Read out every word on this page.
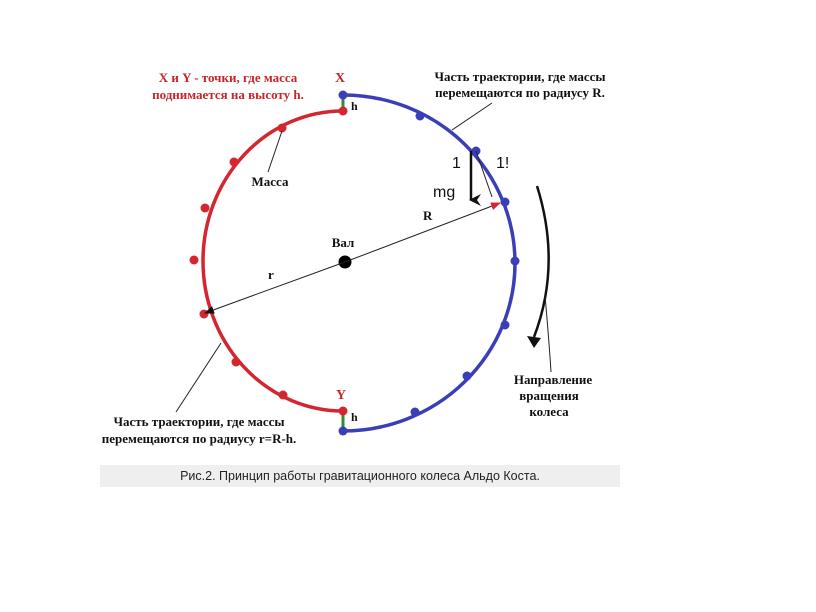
X и Y - точки, где масса
поднимается на высоту h.
X
h
Y
h
Часть траектории, где массы
перемещаются по радиусу R.
Масса
1 1!
mg
R
Вал
r
Направление
вращения
колеса
Часть траектории, где массы
перемещаются по радиусу r=R-h.
Рис.2. Принцип работы гравитационного колеса Альдо Коста.
